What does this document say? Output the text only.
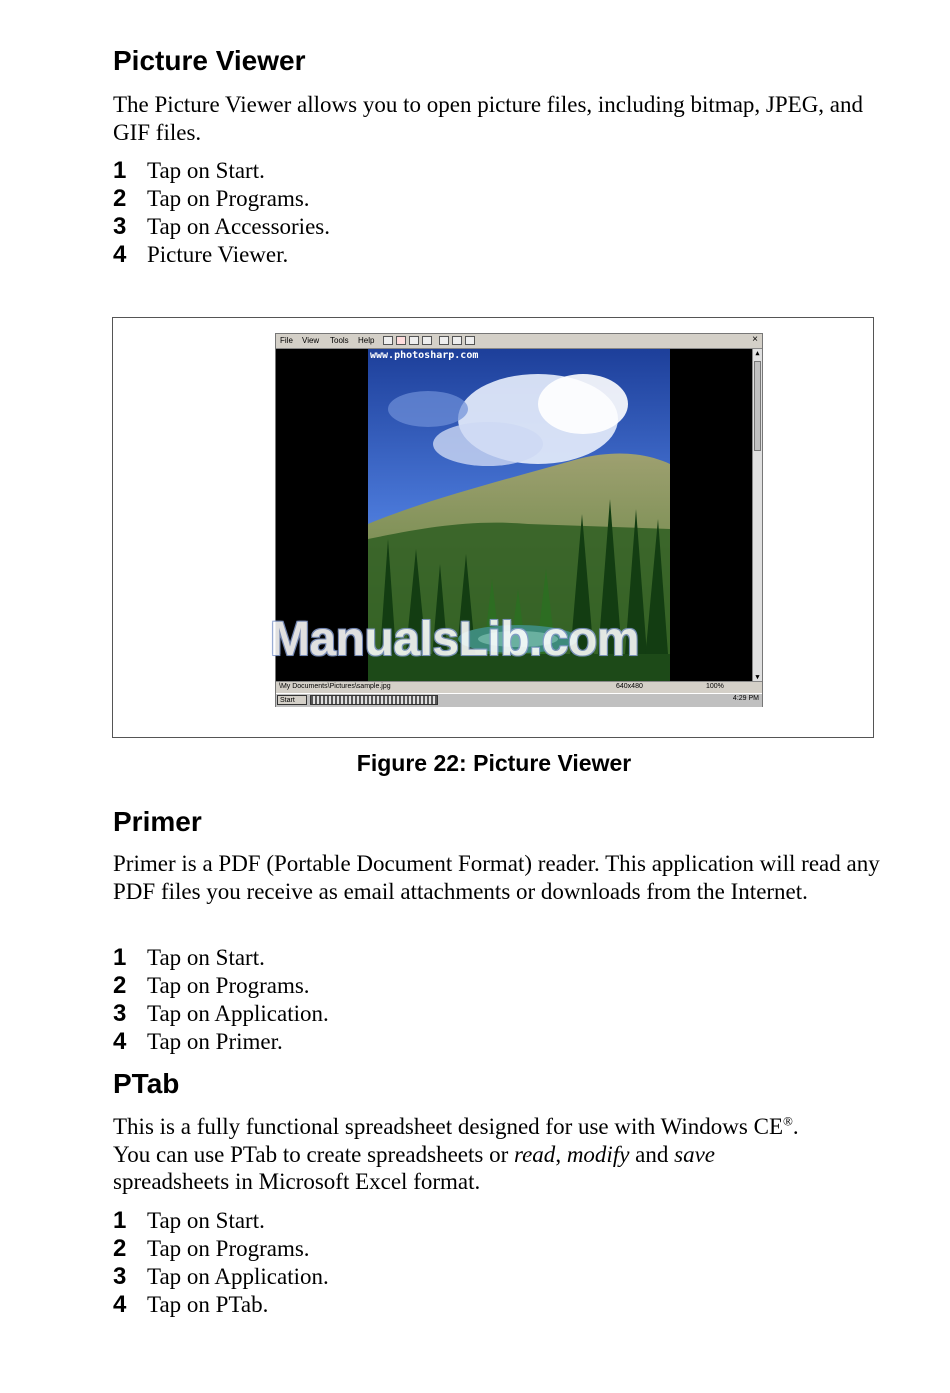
Picture Viewer

The Picture Viewer allows you to open picture files, including bitmap, JPEG, and GIF files.

1 Tap on Start.
2 Tap on Programs.
3 Tap on Accessories.
4 Picture Viewer.
File View Tools Help	×
www.photosharp.com	▲
▼
\My Documents\Pictures\sample.jpg	640x480	100%
Start	4:29 PM
ManualsLib.com
Figure 22: Picture Viewer
Primer

Primer is a PDF (Portable Document Format) reader. This application will read any PDF files you receive as email attachments or downloads from the Internet.

1 Tap on Start.
2 Tap on Programs.
3 Tap on Application.
4 Tap on Primer.
PTab

This is a fully functional spreadsheet designed for use with Windows CE®.
You can use PTab to create spreadsheets or read, modify and save
spreadsheets in Microsoft Excel format.

1 Tap on Start.
2 Tap on Programs.
3 Tap on Application.
4 Tap on PTab.
